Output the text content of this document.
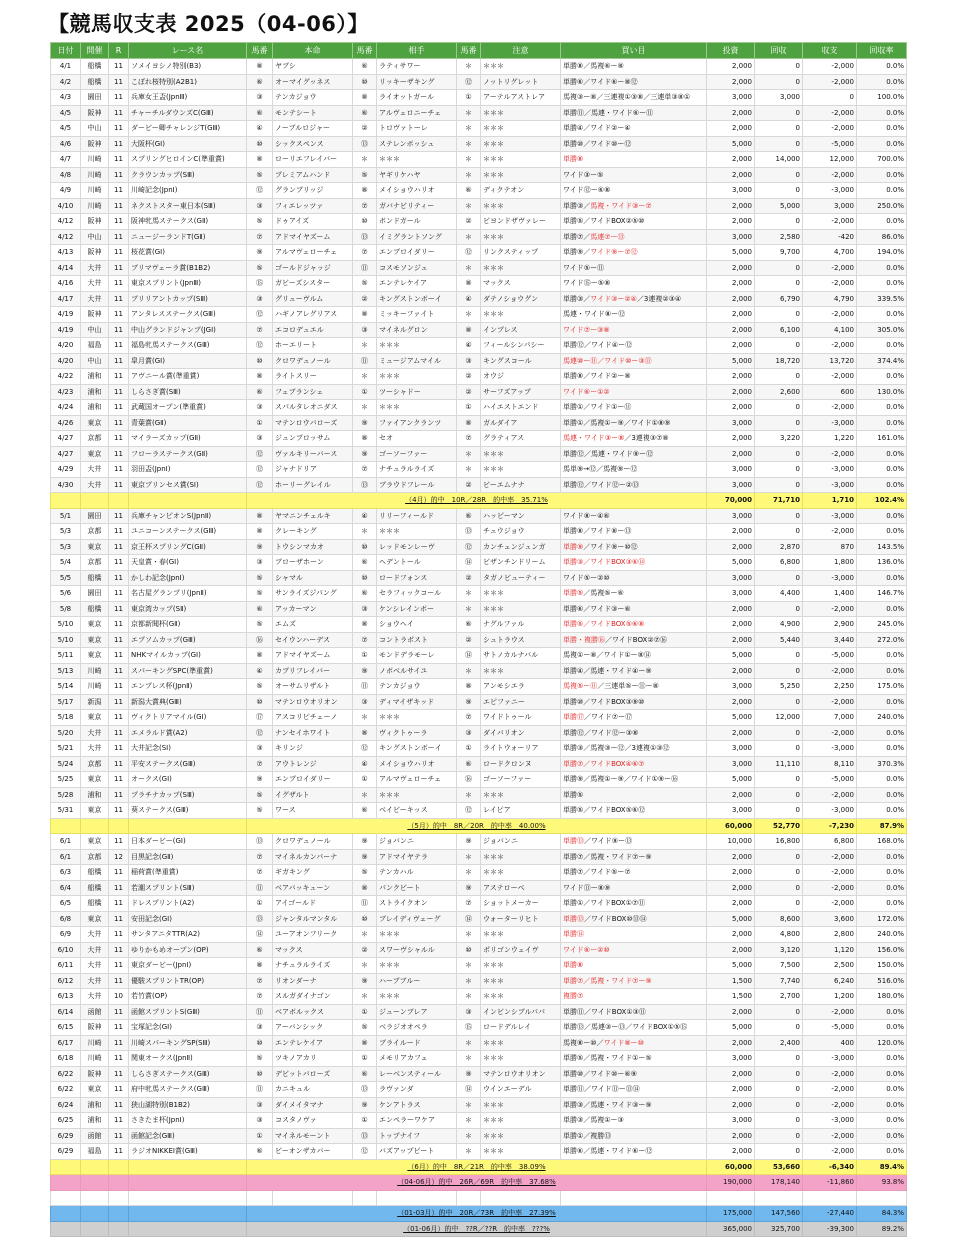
【競馬収支表 2025（04-06）】
日付	開催	R	レース名	馬番	本命	馬番	相手	馬番	注意	買い目	投資	回収	収支	回収率
4/1	船橋	11	ソメイヨシノ特別(B3)	⑧	ヤブシ	⑥	ラティサワー	＊	＊＊＊	単勝⑧／馬複⑥ー⑧	2,000	0	-2,000	0.0%
4/2	船橋	11	こぼれ桜特別(A2B1)	⑥	オーマイグッネス	⑩	リッキーザキング	⑫	ノットリグレット	単勝⑥／ワイド⑥ー⑧⑫	2,000	0	-2,000	0.0%
4/3	園田	11	兵庫女王盃(JpnⅢ)	③	テンカジョウ	⑧	ライオットガール	①	アーテルアストレア	馬複③ー⑧／三連複①③⑧／三連単③⑧①	3,000	3,000	0	100.0%
4/5	阪神	11	チャーチルダウンズC(GⅢ)	⑥	モンテシート	⑥	アルヴェロニーチェ	＊	＊＊＊	単勝⑪／馬連・ワイド⑥ー⑪	2,000	0	-2,000	0.0%
4/5	中山	11	ダービー卿チャレンジT(GⅢ)	④	ノーブルロジャー	②	トロヴァトーレ	＊	＊＊＊	単勝④／ワイド②ー④	2,000	0	-2,000	0.0%
4/6	阪神	11	大阪杯(GⅠ)	⑩	シックスペンス	⑬	ステレンボッシュ	＊	＊＊＊	単勝⑩／ワイド⑩ー⑫	5,000	0	-5,000	0.0%
4/7	川崎	11	スプリングヒロインC(準重賞)	⑧	ローリエフレイバー	＊	＊＊＊	＊	＊＊＊	単勝⑧	2,000	14,000	12,000	700.0%
4/8	川崎	11	クラウンカップ(SⅢ)	⑤	プレミアムハンド	⑤	ヤギリケハヤ	＊	＊＊＊	ワイド③ー⑤	2,000	0	-2,000	0.0%
4/9	川崎	11	川崎記念(JpnⅠ)	⑫	グランブリッジ	⑧	メイショウハリオ	⑥	ディクテオン	ワイド⑫ー⑥⑧	3,000	0	-3,000	0.0%
4/10	川崎	11	ネクストスター東日本(SⅢ)	③	フィエレッツァ	⑦	ガバナビリティー	＊	＊＊＊	単勝③／馬複・ワイド③ー⑦	2,000	5,000	3,000	250.0%
4/12	阪神	11	阪神牝馬ステークス(GⅡ)	⑤	ドゥアイズ	⑩	ボンドガール	②	ビヨンドザヴァレー	単勝⑤／ワイドBOX②⑤⑩	2,000	0	-2,000	0.0%
4/12	中山	11	ニュージーランドT(GⅡ)	⑦	アドマイヤズーム	⑬	イミグラントソング	＊	＊＊＊	単勝⑦／馬連⑦ー⑬	3,000	2,580	-420	86.0%
4/13	阪神	11	桜花賞(GⅠ)	⑨	アルマヴェローチェ	⑦	エンブロイダリー	⑫	リンクスティップ	単勝⑨／ワイド⑨ー⑦⑫	5,000	9,700	4,700	194.0%
4/14	大井	11	ブリマヴェーラ賞(B1B2)	⑤	ゴールドジャッジ	⑪	コスモソンジュ	＊	＊＊＊	ワイド⑤ー⑪	2,000	0	-2,000	0.0%
4/16	大井	11	東京スプリント(JpnⅢ)	⑮	ガビーズシスター	⑤	エンテレケイア	⑧	マックス	ワイド⑮ー⑤⑧	2,000	0	-2,000	0.0%
4/17	大井	11	ブリリアントカップ(SⅢ)	③	グリューヴルム	②	キングストンボーイ	④	ダテノショウグン	単勝③／ワイド③ー②④／3連複②③④	2,000	6,790	4,790	339.5%
4/19	阪神	11	アンタレスステークス(GⅢ)	⑫	ハギノアレグリアス	⑧	ミッキーファイト	＊	＊＊＊	馬連・ワイド⑧ー⑫	2,000	0	-2,000	0.0%
4/19	中山	11	中山グランドジャンプ(JGⅠ)	⑦	エコロデュエル	③	マイネルグロン	⑧	インプレス	ワイド⑦ー③⑧	2,000	6,100	4,100	305.0%
4/20	福島	11	福島牝馬ステークス(GⅢ)	⑫	ホーエリート	＊	＊＊＊	④	フィールシンパシー	単勝⑫／ワイド④ー⑫	2,000	0	-2,000	0.0%
4/20	中山	11	皐月賞(GⅠ)	⑩	クロワデュノール	⑪	ミュージアムマイル	③	キングスコール	馬連⑩ー⑪／ワイド⑩ー③⑪	5,000	18,720	13,720	374.4%
4/22	浦和	11	アヴニール賞(準重賞)	⑧	ライトスリー	＊	＊＊＊	②	オウジ	単勝⑧／ワイド②ー⑧	2,000	0	-2,000	0.0%
4/23	浦和	11	しらさぎ賞(SⅢ)	⑥	フェブランシェ	①	ツーシャドー	②	サーフズアップ	ワイド⑥ー①②	2,000	2,600	600	130.0%
4/24	浦和	11	武蔵国オープン(準重賞)	③	スパルタレオニダス	＊	＊＊＊	①	ハイエストエンド	単勝①／ワイド①ー⑪	2,000	0	-2,000	0.0%
4/26	東京	11	青葉賞(GⅡ)	①	マテンロウバローズ	⑨	ファイアンクランツ	⑧	ガルダイア	単勝①／馬複①ー⑨／ワイド①⑧⑨	3,000	0	-3,000	0.0%
4/27	京都	11	マイラーズカップ(GⅡ)	③	ジュンブロッサム	⑧	セオ	⑦	グラティアス	馬連・ワイド③ー⑧／3連複③⑦⑧	2,000	3,220	1,220	161.0%
4/27	東京	11	フローラステークス(GⅡ)	⑫	ヴァルキリーバース	⑨	ゴーソーファー	＊	＊＊＊	単勝⑫／馬連・ワイド⑨ー⑫	2,000	0	-2,000	0.0%
4/29	大井	11	羽田盃(JpnⅠ)	⑫	ジャナドリア	⑦	ナチュラルライズ	＊	＊＊＊	馬単⑨→⑫／馬複⑨ー⑫	3,000	0	-3,000	0.0%
4/30	大井	11	東京プリンセス賞(SⅠ)	⑫	ホーリーグレイル	⑬	ブラウドフレール	②	ビーエムナナ	単勝⑫／ワイド⑫ー②⑬	3,000	0	-3,000	0.0%
				（4月）的中　10R／28R　的中率　35.71%							70,000	71,710	1,710	102.4%
5/1	園田	11	兵庫チャンピオンS(JpnⅡ)	⑧	ヤマニンチェルキ	④	リリーフィールド	⑥	ハッピーマン	ワイド⑧ー④⑥	3,000	0	-3,000	0.0%
5/3	京都	11	ユニコーンステークス(GⅢ)	⑧	クレーキング	＊	＊＊＊	⑬	チュウジョウ	単勝⑧／ワイド⑧ー⑬	2,000	0	-2,000	0.0%
5/3	東京	11	京王杯スプリングC(GⅡ)	⑨	トウシンマカオ	⑩	レッドモンレーヴ	⑫	カンチェンジュンガ	単勝⑨／ワイド⑨ー⑩⑫	2,000	2,870	870	143.5%
5/4	京都	11	天皇賞・春(GⅠ)	③	ブローザホーン	⑥	ヘデントール	⑭	ビザンチンドリーム	単勝③／ワイドBOX③⑥⑭	5,000	6,800	1,800	136.0%
5/5	船橋	11	かしわ記念(JpnⅠ)	⑤	シャマル	⑩	ロードフォンス	②	タガノビューティー	ワイド⑤ー②⑩	3,000	0	-3,000	0.0%
5/6	園田	11	名古屋グランプリ(JpnⅡ)	⑤	サンライズジパング	⑥	セラフィックコール	＊	＊＊＊	単勝⑤／馬複⑤ー⑥	3,000	4,400	1,400	146.7%
5/8	船橋	11	東京湾カップ(SⅡ)	⑥	アッカーマン	③	ケンシレインボー	＊	＊＊＊	単勝⑥／ワイド③ー⑥	2,000	0	-2,000	0.0%
5/10	東京	11	京都新聞杯(GⅡ)	⑤	エムズ	⑧	ショウヘイ	⑥	ナグルファル	単勝⑤／ワイドBOX⑤⑥⑧	2,000	4,900	2,900	245.0%
5/10	東京	11	エプソムカップ(GⅢ)	⑯	セイウンハーデス	⑦	コントラポスト	②	シュトラウス	単勝・複勝⑯／ワイドBOX②⑦⑯	2,000	5,440	3,440	272.0%
5/11	東京	11	NHKマイルカップ(GⅠ)	⑧	アドマイヤズーム	①	モンドデラモーレ	⑭	サトノカルナバル	馬複①ー⑧／ワイド①ー⑧⑭	5,000	0	-5,000	0.0%
5/13	川崎	11	スパーキングSPC(準重賞)	④	カブリフレイバー	⑨	ノボベルサイユ	＊	＊＊＊	単勝④／馬連・ワイド④ー⑨	2,000	0	-2,000	0.0%
5/14	川崎	11	エンプレス杯(JpnⅡ)	⑤	オーサムリザルト	⑪	テンカジョウ	⑧	アンモシエラ	馬複⑤ー⑪／三連単⑤ー⑪ー⑧	3,000	5,250	2,250	175.0%
5/17	新潟	11	新潟大賞典(GⅢ)	⑩	マテンロウオリオン	③	ディマイザキッド	⑨	エピファニー	単勝⑩／ワイドBOX③⑨⑩	2,000	0	-2,000	0.0%
5/18	東京	11	ヴィクトリアマイル(GⅠ)	⑰	アスコリピチェーノ	＊	＊＊＊	⑦	ワイドトゥール	単勝⑰／ワイド⑦ー⑰	5,000	12,000	7,000	240.0%
5/20	大井	11	エメラルド賞(A2)	⑫	ナンセイホワイト	⑧	ヴィクトゥーラ	③	ダイバリオン	単勝⑫／ワイド⑫ー③⑧	2,000	0	-2,000	0.0%
5/21	大井	11	大井記念(SⅠ)	③	キリンジ	⑫	キングストンボーイ	①	ライトウォーリア	単勝③／馬複③ー⑫／3連複①③⑫	3,000	0	-3,000	0.0%
5/24	京都	11	平安ステークス(GⅢ)	⑦	アウトレンジ	④	メイショウハリオ	⑥	ロードクロンヌ	単勝⑦／ワイドBOX④⑥⑦	3,000	11,110	8,110	370.3%
5/25	東京	11	オークス(GⅠ)	⑨	エンブロイダリー	①	アルマヴェローチェ	⑯	ゴーソーファー	単勝⑨／馬複①ー⑨／ワイド①⑨ー⑯	5,000	0	-5,000	0.0%
5/28	浦和	11	プラチナカップ(SⅢ)	⑤	イグザルト	＊	＊＊＊	＊	＊＊＊	単勝⑤	2,000	0	-2,000	0.0%
5/31	東京	11	葵ステークス(GⅢ)	⑤	ワース	⑥	ベイビーキッス	⑫	レイピア	単勝⑤／ワイドBOX⑤⑥⑫	3,000	0	-3,000	0.0%
				（5月）的中　8R／20R　的中率　40.00%							60,000	52,770	-7,230	87.9%
6/1	東京	11	日本ダービー(GⅠ)	⑬	クロワデュノール	⑨	ジョバンニ	⑨	ジョバンニ	単勝⑬／ワイド⑨ー⑬	10,000	16,800	6,800	168.0%
6/1	京都	12	目黒記念(GⅡ)	⑦	マイネルカンパーナ	⑨	アドマイヤテラ	＊	＊＊＊	単勝⑦／馬複・ワイド⑦ー⑨	2,000	0	-2,000	0.0%
6/3	船橋	11	稲荷賞(準重賞)	⑦	ギガキング	⑤	テンカハル	＊	＊＊＊	単勝⑦／ワイド⑤ー⑦	2,000	0	-2,000	0.0%
6/4	船橋	11	若潮スプリント(SⅢ)	⑪	ベアバッキューン	⑧	パンクビート	⑨	アステローベ	ワイド⑪ー⑧⑨	2,000	0	-2,000	0.0%
6/5	船橋	11	ドレスプリント(A2)	①	アイゴールド	⑪	ストライクオン	⑦	ショットメーカー	単勝①／ワイドBOX①⑦⑪	2,000	0	-2,000	0.0%
6/8	東京	11	安田記念(GⅠ)	⑬	ジャンタルマンタル	⑩	ブレイディヴェーグ	⑭	ウォーターリヒト	単勝⑬／ワイドBOX⑩⑬⑭	5,000	8,600	3,600	172.0%
6/9	大井	11	サンタアニタTTR(A2)	⑭	ユーアオンフリーク	＊	＊＊＊	＊	＊＊＊	単勝⑭	2,000	4,800	2,800	240.0%
6/10	大井	11	ゆりかもめオープン(OP)	⑥	マックス	②	スワーヴシャルル	⑩	ポリゴンウェイヴ	ワイド⑥ー②⑩	2,000	3,120	1,120	156.0%
6/11	大井	11	東京ダービー(JpnⅠ)	⑧	ナチュラルライズ	＊	＊＊＊	＊	＊＊＊	単勝⑧	5,000	7,500	2,500	150.0%
6/12	大井	11	優駿スプリントTR(OP)	⑦	リオンダーナ	⑨	ハーブブルー	＊	＊＊＊	単勝⑦／馬複・ワイド⑦ー⑨	1,500	7,740	6,240	516.0%
6/13	大井	10	若竹賞(OP)	⑦	スルガダイナゴン	＊	＊＊＊	＊	＊＊＊	複勝⑦	1,500	2,700	1,200	180.0%
6/14	函館	11	函館スプリントS(GⅢ)	⑪	ベアボルックス	①	ジューンブレア	③	インビンシブルパパ	単勝⑪／ワイドBOX①③⑪	2,000	0	-2,000	0.0%
6/15	阪神	11	宝塚記念(GⅠ)	③	アーバンシック	⑤	ベラジオオペラ	⑮	ロードデルレイ	単勝⑬／馬連③ー⑬／ワイドBOX①⑤⑮	5,000	0	-5,000	0.0%
6/17	川崎	11	川崎スパーキングSP(SⅢ)	⑩	エンテレケイア	⑧	ブライルード	＊	＊＊＊	馬複⑧ー⑩／ワイド⑧ー⑩	2,000	2,400	400	120.0%
6/18	川崎	11	関東オークス(JpnⅡ)	⑤	ツキノアカリ	①	メモリアカフェ	＊	＊＊＊	単勝⑤／馬複・ワイド①ー⑤	3,000	0	-3,000	0.0%
6/22	阪神	11	しらさぎステークス(GⅢ)	⑩	デビットバローズ	⑥	レーベンスティール	⑨	マテンロウオリオン	単勝⑩／ワイド⑩ー⑥⑨	2,000	0	-2,000	0.0%
6/22	東京	11	府中牝馬ステークス(GⅢ)	⑪	カニキュル	⑬	ラヴァンダ	⑭	ウインエーデル	単勝⑪／ワイド⑪ー⑬⑭	2,000	0	-2,000	0.0%
6/24	浦和	11	狭山湖特別(B1B2)	③	ダイメイタマナ	⑨	ケンアトラス	＊	＊＊＊	単勝③／馬連・ワイド③ー⑨	2,000	0	-2,000	0.0%
6/25	浦和	11	さきたま杯(JpnⅠ)	③	コスタノヴァ	①	エンペラーワケア	＊	＊＊＊	単勝③／馬複①ー③	3,000	0	-3,000	0.0%
6/29	函館	11	函館記念(GⅢ)	①	マイネルモーント	⑬	トップナイフ	＊	＊＊＊	単勝①／複勝⑬	2,000	0	-2,000	0.0%
6/29	福島	11	ラジオNIKKEI賞(GⅢ)	⑥	ビーオンザカバー	⑫	バズアップビート	＊	＊＊＊	単勝⑥／馬連・ワイド⑥ー⑫	2,000	0	-2,000	0.0%
				（6月）的中　8R／21R　的中率　38.09%							60,000	53,660	-6,340	89.4%
				（04-06月）的中　26R／69R　的中率　37.68%							190,000	178,140	-11,860	93.8%

				（01-03月）的中　20R／73R　的中率　27.39%							175,000	147,560	-27,440	84.3%
				（01-06月）的中　??R／??R　的中率　???%							365,000	325,700	-39,300	89.2%
